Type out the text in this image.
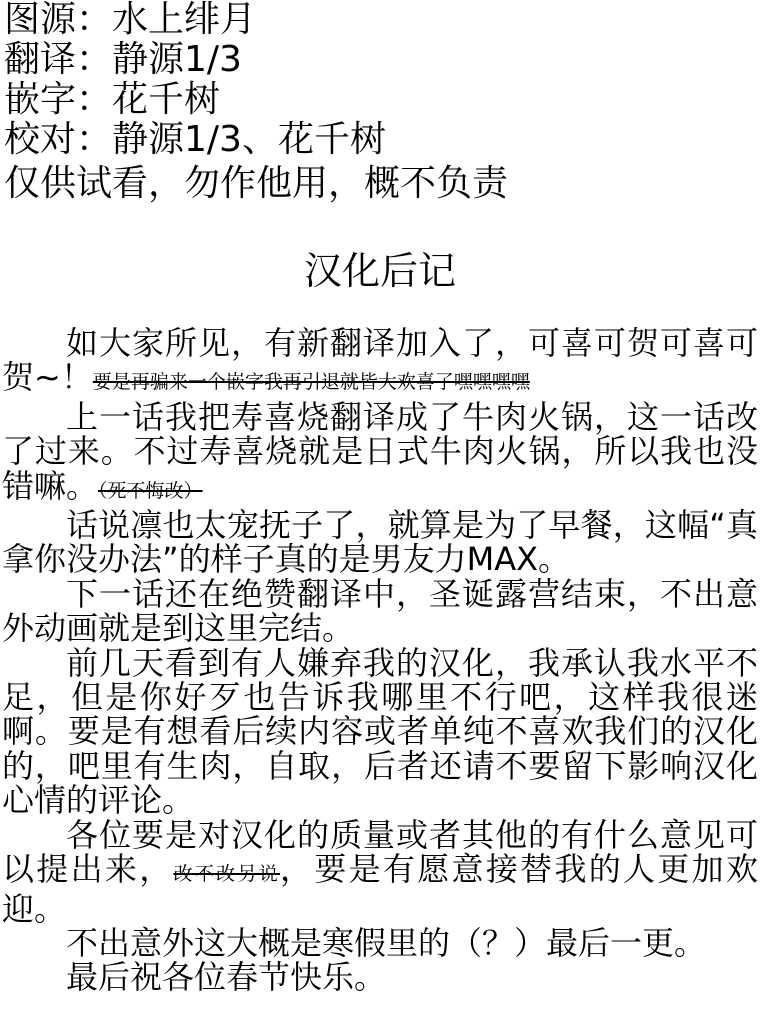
图源：水上绯月
翻译：静源1/3
嵌字：花千树
校对：静源1/3、花千树
仅供试看，勿作他用，概不负责
汉化后记

如大家所见，有新翻译加入了，可喜可贺可喜可贺~！要是再骗来一个嵌字我再引退就皆大欢喜了嘿嘿嘿嘿

上一话我把寿喜烧翻译成了牛肉火锅，这一话改了过来。不过寿喜烧就是日式牛肉火锅，所以我也没错嘛。（死不悔改）

话说凛也太宠抚子了，就算是为了早餐，这幅“真拿你没办法”的样子真的是男友力MAX。

下一话还在绝赞翻译中，圣诞露营结束，不出意外动画就是到这里完结。

前几天看到有人嫌弃我的汉化，我承认我水平不足，但是你好歹也告诉我哪里不行吧，这样我很迷啊。要是有想看后续内容或者单纯不喜欢我们的汉化的，吧里有生肉，自取，后者还请不要留下影响汉化心情的评论。

各位要是对汉化的质量或者其他的有什么意见可以提出来，改不改另说，要是有愿意接替我的人更加欢迎。

不出意外这大概是寒假里的（？）最后一更。

最后祝各位春节快乐。
